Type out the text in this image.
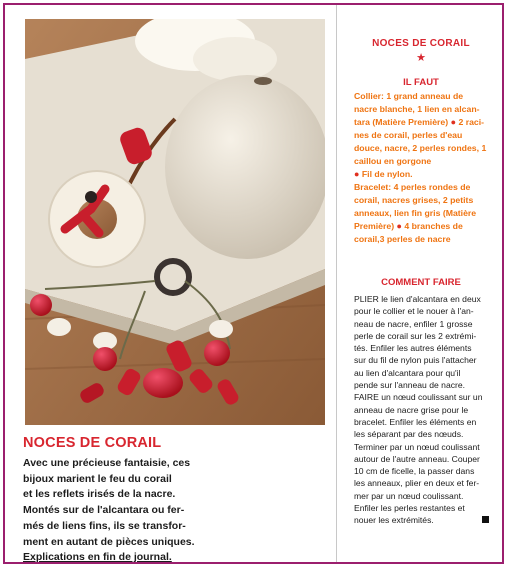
NOCES DE CORAIL

Avec une précieuse fantaisie, ces
bijoux marient le feu du corail
et les reflets irisés de la nacre.
Montés sur de l'alcantara ou fer-
més de liens fins, ils se transfor-
ment en autant de pièces uniques.
Explications en fin de journal.

NOCES DE CORAIL
★
IL FAUT

Collier: 1 grand anneau de
nacre blanche, 1 lien en alcan-
tara (Matière Première) ● 2 raci-
nes de corail, perles d'eau
douce, nacre, 2 perles rondes, 1
caillou en gorgone
● Fil de nylon.
Bracelet: 4 perles rondes de
corail, nacres grises, 2 petits
anneaux, lien fin gris (Matière
Première) ● 4 branches de
corail,3 perles de nacre

COMMENT FAIRE

PLIER le lien d'alcantara en deux
pour le collier et le nouer à l'an-
neau de nacre, enfiler 1 grosse
perle de corail sur les 2 extrémi-
tés. Enfiler les autres éléments
sur du fil de nylon puis l'attacher
au lien d'alcantara pour qu'il
pende sur l'anneau de nacre.
FAIRE un nœud coulissant sur un
anneau de nacre grise pour le
bracelet. Enfiler les éléments en
les séparant par des nœuds.
Terminer par un nœud coulissant
autour de l'autre anneau. Couper
10 cm de ficelle, la passer dans
les anneaux, plier en deux et fer-
mer par un nœud coulissant.
Enfiler les perles restantes et
nouer les extrémités.
